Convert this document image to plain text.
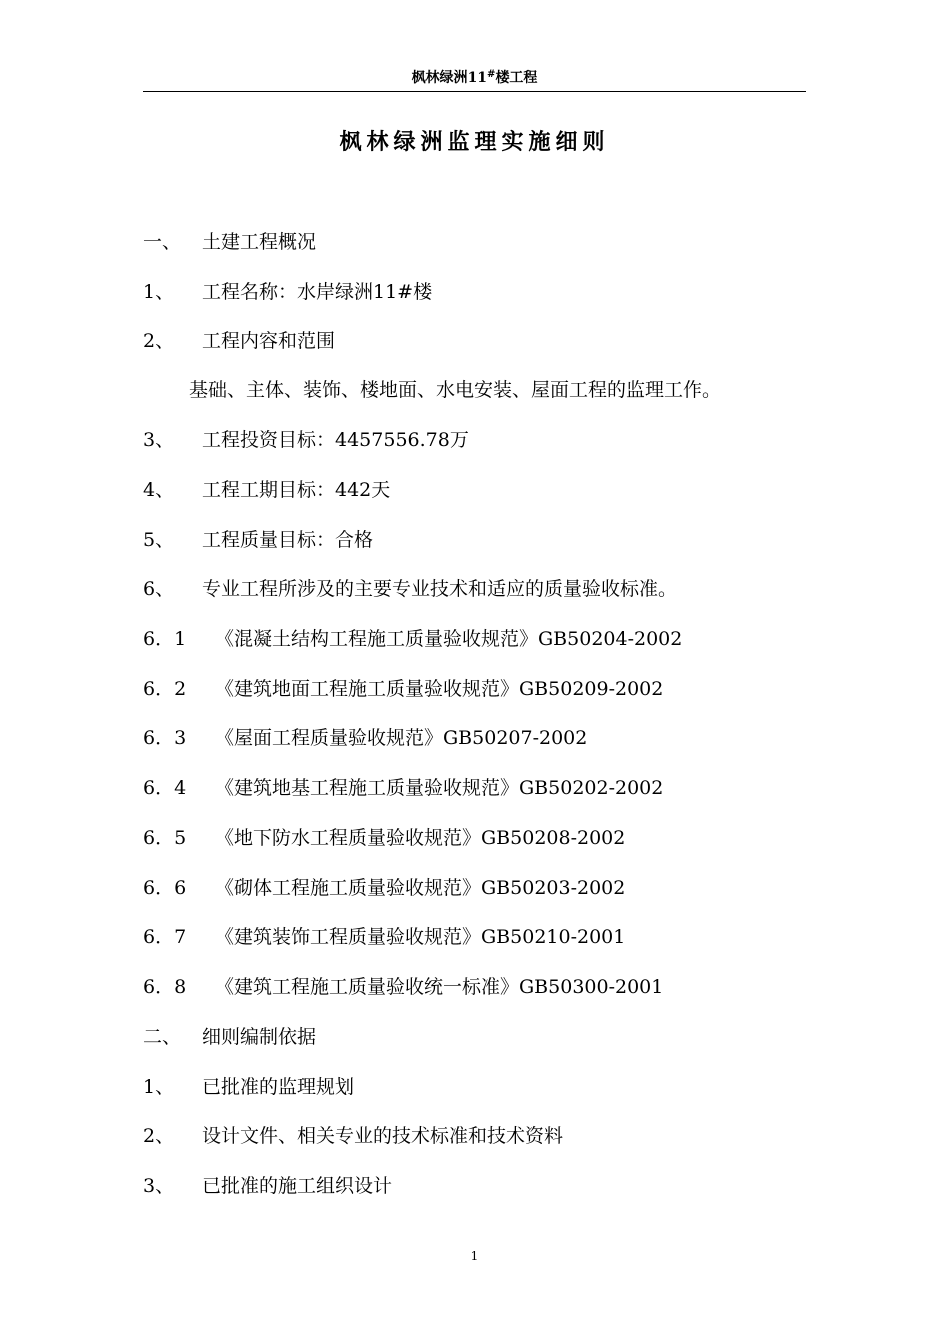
枫林绿洲11#楼工程
枫林绿洲监理实施细则
一、 土建工程概况
1、 工程名称：水岸绿洲11#楼
2、 工程内容和范围
基础、主体、装饰、楼地面、水电安装、屋面工程的监理工作。
3、 工程投资目标：4457556.78万
4、 工程工期目标：442天
5、 工程质量目标：合格
6、 专业工程所涉及的主要专业技术和适应的质量验收标准。
6．1 《混凝土结构工程施工质量验收规范》GB50204-2002
6．2 《建筑地面工程施工质量验收规范》GB50209-2002
6．3 《屋面工程质量验收规范》GB50207-2002
6．4 《建筑地基工程施工质量验收规范》GB50202-2002
6．5 《地下防水工程质量验收规范》GB50208-2002
6．6 《砌体工程施工质量验收规范》GB50203-2002
6．7 《建筑装饰工程质量验收规范》GB50210-2001
6．8 《建筑工程施工质量验收统一标准》GB50300-2001
二、 细则编制依据
1、 已批准的监理规划
2、 设计文件、相关专业的技术标准和技术资料
3、 已批准的施工组织设计
1
